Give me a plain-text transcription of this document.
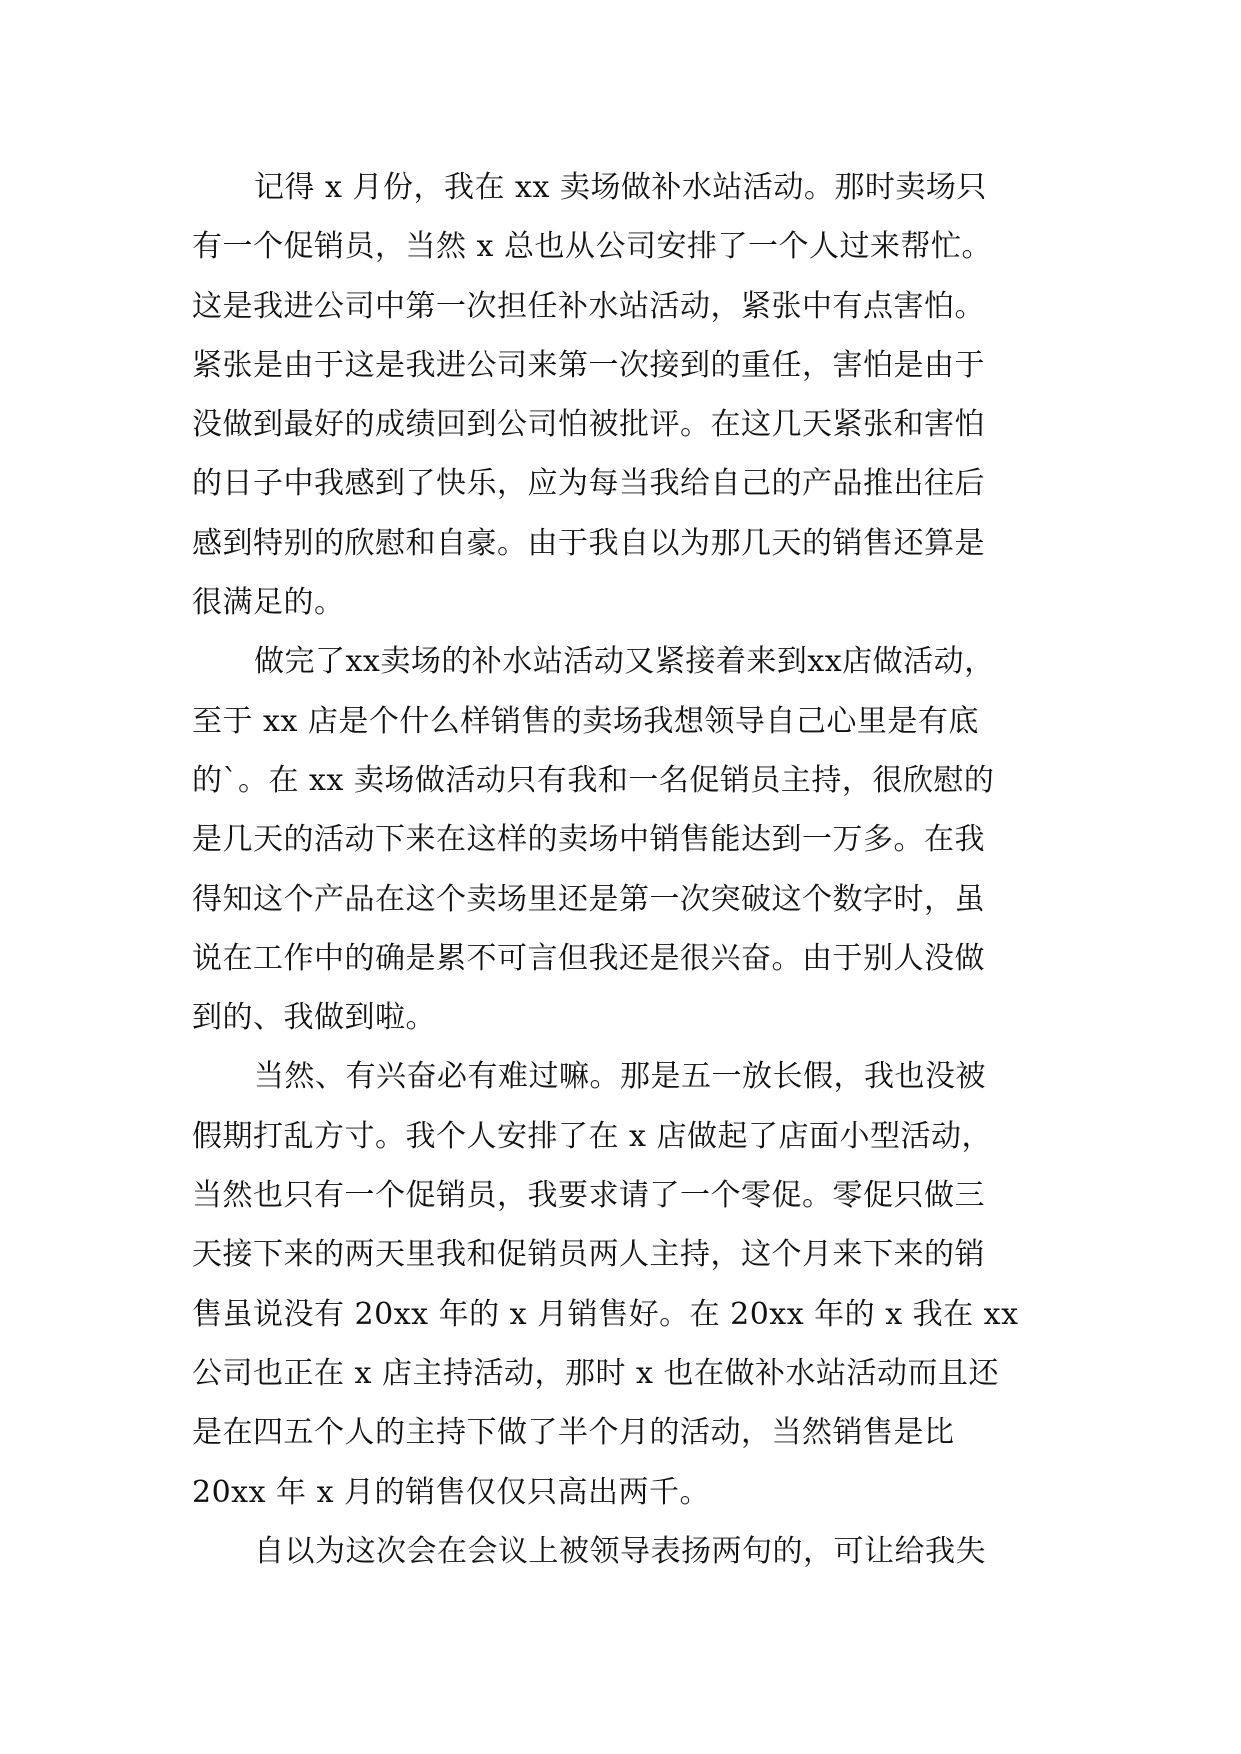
记得 x 月份，我在 xx 卖场做补水站活动。那时卖场只
有一个促销员，当然 x 总也从公司安排了一个人过来帮忙。
这是我进公司中第一次担任补水站活动，紧张中有点害怕。
紧张是由于这是我进公司来第一次接到的重任，害怕是由于
没做到最好的成绩回到公司怕被批评。在这几天紧张和害怕
的日子中我感到了快乐，应为每当我给自己的产品推出往后
感到特别的欣慰和自豪。由于我自以为那几天的销售还算是
很满足的。
做完了xx卖场的补水站活动又紧接着来到xx店做活动，
至于 xx 店是个什么样销售的卖场我想领导自己心里是有底
的`。在 xx 卖场做活动只有我和一名促销员主持，很欣慰的
是几天的活动下来在这样的卖场中销售能达到一万多。在我
得知这个产品在这个卖场里还是第一次突破这个数字时，虽
说在工作中的确是累不可言但我还是很兴奋。由于别人没做
到的、我做到啦。
当然、有兴奋必有难过嘛。那是五一放长假，我也没被
假期打乱方寸。我个人安排了在 x 店做起了店面小型活动，
当然也只有一个促销员，我要求请了一个零促。零促只做三
天接下来的两天里我和促销员两人主持，这个月来下来的销
售虽说没有 20xx 年的 x 月销售好。在 20xx 年的 x 我在 xx
公司也正在 x 店主持活动，那时 x 也在做补水站活动而且还
是在四五个人的主持下做了半个月的活动，当然销售是比
20xx 年 x 月的销售仅仅只高出两千。
自以为这次会在会议上被领导表扬两句的，可让给我失
